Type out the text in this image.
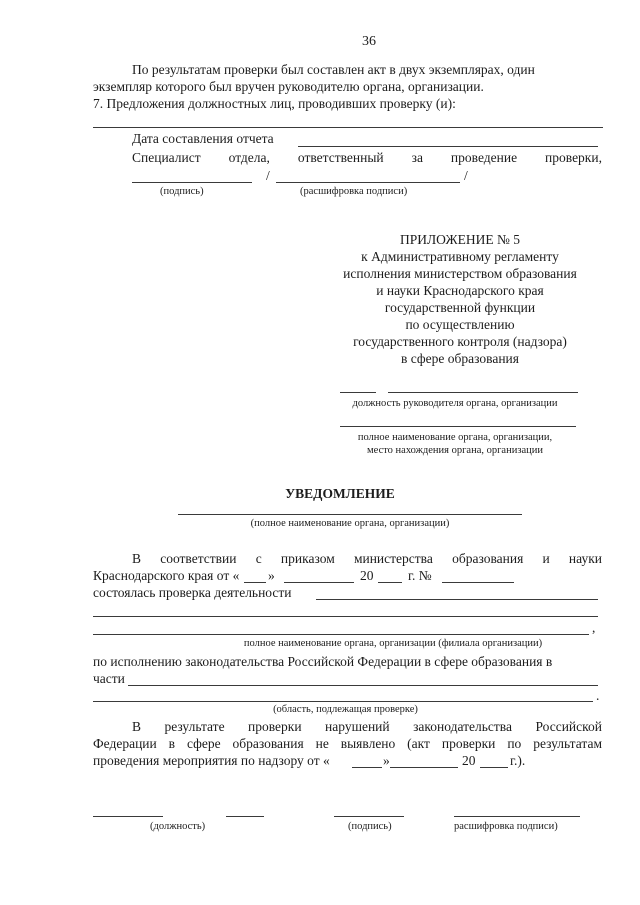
36
По результатам проверки был составлен акт в двух экземплярах, один
экземпляр которого был вручен руководителю органа, организации.
7. Предложения должностных лиц, проводивших проверку (и):
Дата составления отчета
Специалист отдела, ответственный за проведение проверки,
/	/
(подпись)	(расшифровка подписи)
ПРИЛОЖЕНИЕ № 5
к Административному регламенту
исполнения министерством образования
и науки Краснодарского края
государственной функции
по осуществлению
государственного контроля (надзора)
в сфере образования
должность руководителя органа, организации
полное наименование органа, организации,
место нахождения органа, организации
УВЕДОМЛЕНИЕ
(полное наименование органа, организации)
В соответствии с приказом министерства образования и науки
Краснодарского края от « »	20	г. №
состоялась проверка деятельности
,
полное наименование органа, организации (филиала организации)
по исполнению законодательства Российской Федерации в сфере образования в
части
.
(область, подлежащая проверке)
В результате проверки нарушений законодательства Российской
Федерации в сфере образования не выявлено (акт проверки по результатам
проведения мероприятия по надзору от «	»	20	г.).
(должность)	(подпись)	расшифровка подписи)
